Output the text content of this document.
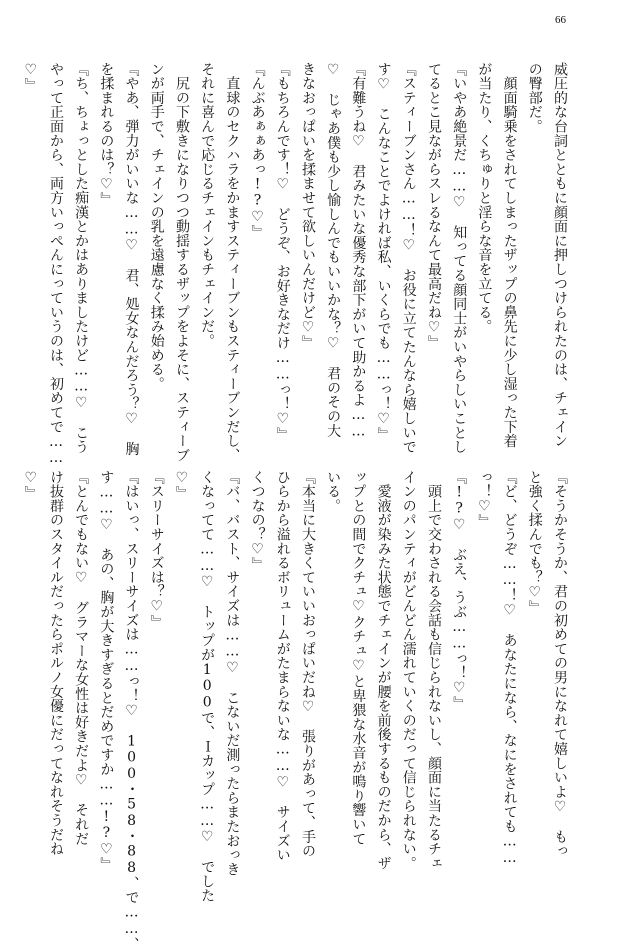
66
威圧的な台詞とともに顔面に押しつけられたのは、チェイン
の臀部だ。
　顔面騎乗をされてしまったザップの鼻先に少し湿った下着
が当たり、くちゅりと淫らな音を立てる。
『いやあ絶景だ……♡　知ってる顔同士がいやらしいことし
てるとこ見ながらスレるなんて最高だね♡』
『スティーブンさん……！♡　お役に立てたんなら嬉しいで
す♡　こんなことでよければ私、いくらでも……っ！♡』
『有難うね♡　君みたいな優秀な部下がいて助かるよ……
♡　じゃあ僕も少し愉しんでもいいかな？♡　君のその大
きなおっぱいを揉ませて欲しいんだけど♡』
『もちろんです！♡　どうぞ、お好きなだけ……っ！♡』
『んぶあぁぁあっ!?♡』
　直球のセクハラをかますスティーブンもスティーブンだし、
それに喜んで応じるチェインもチェインだ。
　尻の下敷きになりつつ動揺するザップをよそに、スティーブ
ンが両手で、チェインの乳を遠慮なく揉み始める。
『やあ、弾力がいいな……♡　君、処女なんだろう？♡　胸
を揉まれるのは？♡』
『ち、ちょっとした痴漢とかはありましたけど……♡　こう
やって正面から、両方いっぺんにっていうのは、初めてで……
♡』
『そうかそうか、君の初めての男になれて嬉しいよ♡　もっ
と強く揉んでも？♡』
『ど、どうぞ……！♡　あなたになら、なにをされても……
っ！♡』
『!?♡　ぶえ、うぶ……っ！♡』
　頭上で交わされる会話も信じられないし、顔面に当たるチェ
インのパンティがどんどん濡れていくのだって信じられない。
　愛液が染みた状態でチェインが腰を前後するものだから、ザ
ップとの間でクチュ♡クチュ♡と卑猥な水音が鳴り響いて
いる。
『本当に大きくていいおっぱいだね♡　張りがあって、手の
ひらから溢れるボリュームがたまらないな……♡　サイズい
くつなの？♡』
『バ、バスト、サイズは……♡　こないだ測ったらまたおっき
くなってて……♡　トップが100で、Ｉカップ……♡　でした
♡』
『スリーサイズは？♡』
『はいっ、スリーサイズは……っ！♡　100・58・88、で……、
す……♡　あの、胸が大きすぎるとだめですか……!?♡』
『とんでもない♡　グラマーな女性は好きだよ♡　それだ
け抜群のスタイルだったらポルノ女優にだってなれそうだね
♡』
